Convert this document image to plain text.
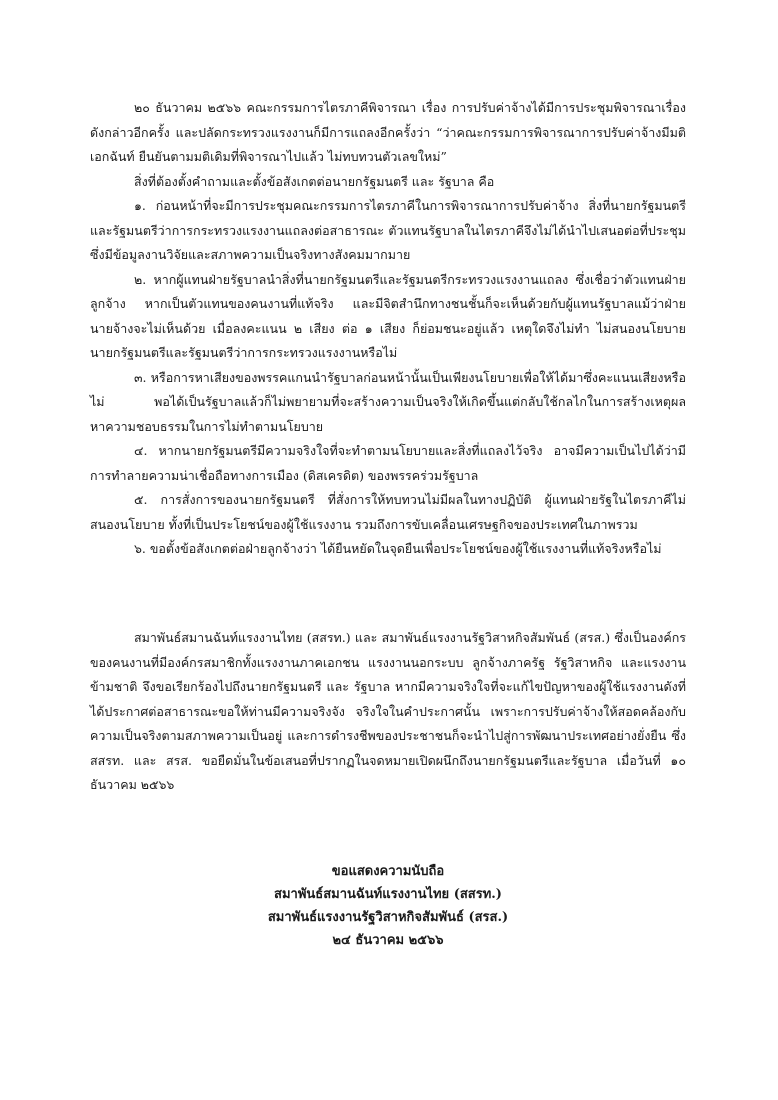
๒๐ ธันวาคม ๒๕๖๖ คณะกรรมการไตรภาคีพิจารณา เรื่อง การปรับค่าจ้างได้มีการประชุมพิจารณาเรื่องดังกล่าวอีกครั้ง และปลัดกระทรวงแรงงานก็มีการแถลงอีกครั้งว่า “ว่าคณะกรรมการพิจารณาการปรับค่าจ้างมีมติเอกฉันท์ ยืนยันตามมติเดิมที่พิจารณาไปแล้ว ไม่ทบทวนตัวเลขใหม่”

สิ่งที่ต้องตั้งคำถามและตั้งข้อสังเกตต่อนายกรัฐมนตรี และ รัฐบาล คือ

๑. ก่อนหน้าที่จะมีการประชุมคณะกรรมการไตรภาคีในการพิจารณาการปรับค่าจ้าง สิ่งที่นายกรัฐมนตรีและรัฐมนตรีว่าการกระทรวงแรงงานแถลงต่อสาธารณะ ตัวแทนรัฐบาลในไตรภาคีจึงไม่ได้นำไปเสนอต่อที่ประชุม ซึ่งมีข้อมูลงานวิจัยและสภาพความเป็นจริงทางสังคมมากมาย

๒. หากผู้แทนฝ่ายรัฐบาลนำสิ่งที่นายกรัฐมนตรีและรัฐมนตรีกระทรวงแรงงานแถลง ซึ่งเชื่อว่าตัวแทนฝ่ายลูกจ้าง หากเป็นตัวแทนของคนงานที่แท้จริง และมีจิตสำนึกทางชนชั้นก็จะเห็นด้วยกับผู้แทนรัฐบาลแม้ว่าฝ่ายนายจ้างจะไม่เห็นด้วย เมื่อลงคะแนน ๒ เสียง ต่อ ๑ เสียง ก็ย่อมชนะอยู่แล้ว เหตุใดจึงไม่ทำ ไม่สนองนโยบายนายกรัฐมนตรีและรัฐมนตรีว่าการกระทรวงแรงงานหรือไม่

๓. หรือการหาเสียงของพรรคแกนนำรัฐบาลก่อนหน้านั้นเป็นเพียงนโยบายเพื่อให้ได้มาซึ่งคะแนนเสียงหรือไม่ พอได้เป็นรัฐบาลแล้วก็ไม่พยายามที่จะสร้างความเป็นจริงให้เกิดขึ้นแต่กลับใช้กลไกในการสร้างเหตุผล หาความชอบธรรมในการไม่ทำตามนโยบาย

๔. หากนายกรัฐมนตรีมีความจริงใจที่จะทำตามนโยบายและสิ่งที่แถลงไว้จริง อาจมีความเป็นไปได้ว่ามีการทำลายความน่าเชื่อถือทางการเมือง (ดิสเครดิต) ของพรรคร่วมรัฐบาล

๕. การสั่งการของนายกรัฐมนตรี ที่สั่งการให้ทบทวนไม่มีผลในทางปฏิบัติ ผู้แทนฝ่ายรัฐในไตรภาคีไม่สนองนโยบาย ทั้งที่เป็นประโยชน์ของผู้ใช้แรงงาน รวมถึงการขับเคลื่อนเศรษฐกิจของประเทศในภาพรวม

๖. ขอตั้งข้อสังเกตต่อฝ่ายลูกจ้างว่า ได้ยืนหยัดในจุดยืนเพื่อประโยชน์ของผู้ใช้แรงงานที่แท้จริงหรือไม่

สมาพันธ์สมานฉันท์แรงงานไทย (สสรท.) และ สมาพันธ์แรงงานรัฐวิสาหกิจสัมพันธ์ (สรส.) ซึ่งเป็นองค์กรของคนงานที่มีองค์กรสมาชิกทั้งแรงงานภาคเอกชน แรงงานนอกระบบ ลูกจ้างภาครัฐ รัฐวิสาหกิจ และแรงงานข้ามชาติ จึงขอเรียกร้องไปถึงนายกรัฐมนตรี และ รัฐบาล หากมีความจริงใจที่จะแก้ไขปัญหาของผู้ใช้แรงงานดังที่ได้ประกาศต่อสาธารณะขอให้ท่านมีความจริงจัง จริงใจในคำประกาศนั้น เพราะการปรับค่าจ้างให้สอดคล้องกับความเป็นจริงตามสภาพความเป็นอยู่ และการดำรงชีพของประชาชนก็จะนำไปสู่การพัฒนาประเทศอย่างยั่งยืน ซึ่ง สสรท. และ สรส. ขอยืดมั่นในข้อเสนอที่ปรากฏในจดหมายเปิดผนึกถึงนายกรัฐมนตรีและรัฐบาล เมื่อวันที่ ๑๐ ธันวาคม ๒๕๖๖

ขอแสดงความนับถือ
สมาพันธ์สมานฉันท์แรงงานไทย (สสรท.)
สมาพันธ์แรงงานรัฐวิสาหกิจสัมพันธ์ (สรส.)
๒๔ ธันวาคม ๒๕๖๖
